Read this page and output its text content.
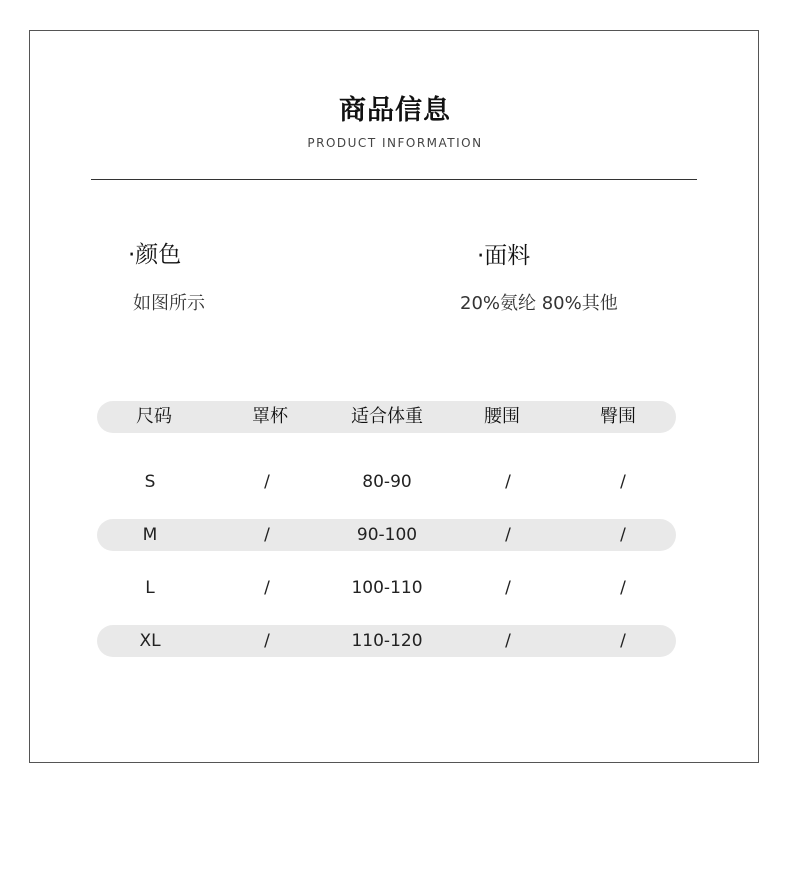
商品信息
PRODUCT INFORMATION
·颜色
如图所示
·面料
20%氨纶 80%其他
尺码	罩杯	适合体重	腰围	臀围
S	/	80-90	/	/
M	/	90-100	/	/
L	/	100-110	/	/
XL	/	110-120	/	/
